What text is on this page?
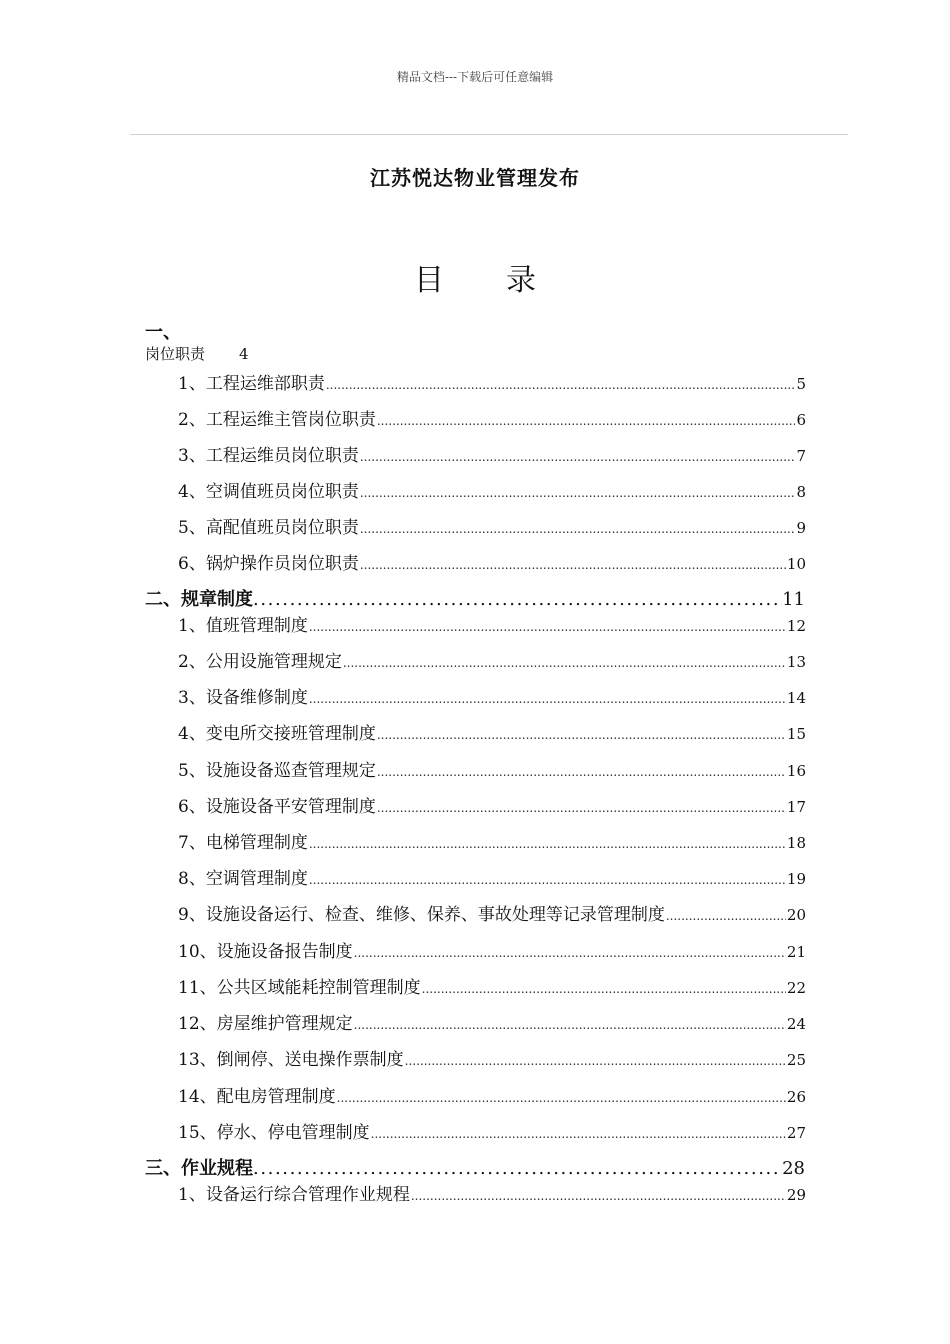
精品文档---下载后可任意编辑
江苏悦达物业管理发布
目 录
一、
岗位职责 4
1、工程运维部职责 .....	5
2、工程运维主管岗位职责 .....	6
3、工程运维员岗位职责 .....	7
4、空调值班员岗位职责 .....	8
5、高配值班员岗位职责 .....	9
6、锅炉操作员岗位职责 .....	10
二、规章制度 .....	11
1、值班管理制度 .....	12
2、公用设施管理规定 .....	13
3、设备维修制度 .....	14
4、变电所交接班管理制度 .....	15
5、设施设备巡查管理规定 .....	16
6、设施设备平安管理制度 .....	17
7、电梯管理制度 .....	18
8、空调管理制度 .....	19
9、设施设备运行、检查、维修、保养、事故处理等记录管理制度 .....	20
10、设施设备报告制度 .....	21
11、公共区域能耗控制管理制度 .....	22
12、房屋维护管理规定 .....	24
13、倒闸停、送电操作票制度 .....	25
14、配电房管理制度 .....	26
15、停水、停电管理制度 .....	27
三、作业规程 .....	28
1、设备运行综合管理作业规程 .....	29
